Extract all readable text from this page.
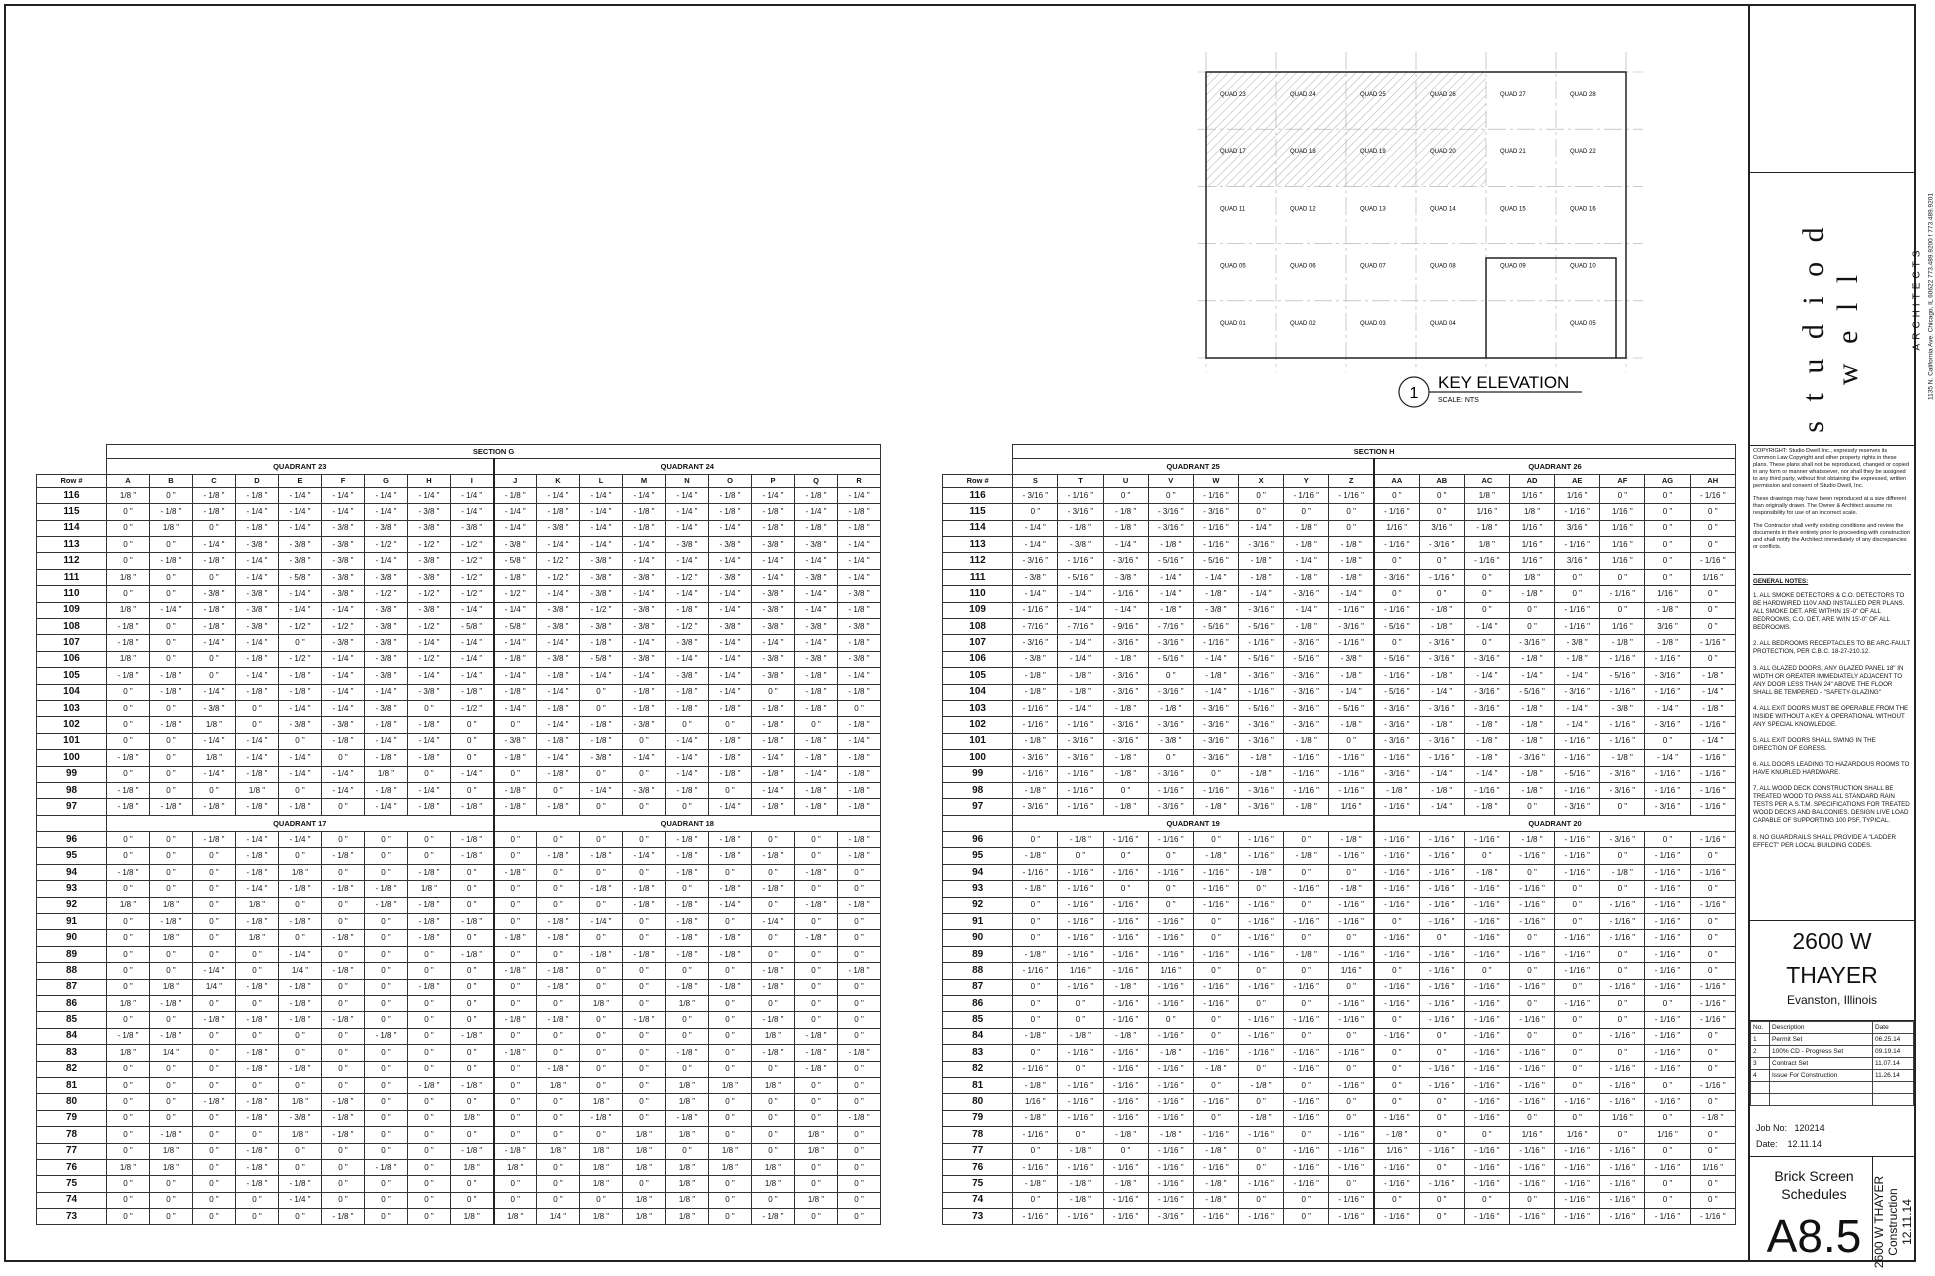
QUAD 23	QUAD 24	QUAD 25	QUAD 26	QUAD 27	QUAD 28
QUAD 17	QUAD 18	QUAD 19	QUAD 20	QUAD 21	QUAD 22
QUAD 11	QUAD 12	QUAD 13	QUAD 14	QUAD 15	QUAD 16
QUAD 05	QUAD 06	QUAD 07	QUAD 08	QUAD 09	QUAD 10
QUAD 01	QUAD 02	QUAD 03	QUAD 04	QUAD 05
1
KEY ELEVATION
SCALE: NTS
	SECTION G																	
	QUADRANT 23									QUADRANT 24								
Row #	A	B	C	D	E	F	G	H	I	J	K	L	M	N	O	P	Q	R
116	1/8 "	0 "	- 1/8 "	- 1/8 "	- 1/4 "	- 1/4 "	- 1/4 "	- 1/4 "	- 1/4 "	- 1/8 "	- 1/4 "	- 1/4 "	- 1/4 "	- 1/4 "	- 1/8 "	- 1/4 "	- 1/8 "	- 1/4 "
115	0 "	- 1/8 "	- 1/8 "	- 1/4 "	- 1/4 "	- 1/4 "	- 1/4 "	- 3/8 "	- 1/4 "	- 1/4 "	- 1/8 "	- 1/4 "	- 1/8 "	- 1/4 "	- 1/8 "	- 1/8 "	- 1/4 "	- 1/8 "
114	0 "	1/8 "	0 "	- 1/8 "	- 1/4 "	- 3/8 "	- 3/8 "	- 3/8 "	- 3/8 "	- 1/4 "	- 3/8 "	- 1/4 "	- 1/8 "	- 1/4 "	- 1/4 "	- 1/8 "	- 1/8 "	- 1/8 "
113	0 "	0 "	- 1/4 "	- 3/8 "	- 3/8 "	- 3/8 "	- 1/2 "	- 1/2 "	- 1/2 "	- 3/8 "	- 1/4 "	- 1/4 "	- 1/4 "	- 3/8 "	- 3/8 "	- 3/8 "	- 3/8 "	- 1/4 "
112	0 "	- 1/8 "	- 1/8 "	- 1/4 "	- 3/8 "	- 3/8 "	- 1/4 "	- 3/8 "	- 1/2 "	- 5/8 "	- 1/2 "	- 3/8 "	- 1/4 "	- 1/4 "	- 1/4 "	- 1/4 "	- 1/4 "	- 1/4 "
111	1/8 "	0 "	0 "	- 1/4 "	- 5/8 "	- 3/8 "	- 3/8 "	- 3/8 "	- 1/2 "	- 1/8 "	- 1/2 "	- 3/8 "	- 3/8 "	- 1/2 "	- 3/8 "	- 1/4 "	- 3/8 "	- 1/4 "
110	0 "	0 "	- 3/8 "	- 3/8 "	- 1/4 "	- 3/8 "	- 1/2 "	- 1/2 "	- 1/2 "	- 1/2 "	- 1/4 "	- 3/8 "	- 1/4 "	- 1/4 "	- 1/4 "	- 3/8 "	- 1/4 "	- 3/8 "
109	1/8 "	- 1/4 "	- 1/8 "	- 3/8 "	- 1/4 "	- 1/4 "	- 3/8 "	- 3/8 "	- 1/4 "	- 1/4 "	- 3/8 "	- 1/2 "	- 3/8 "	- 1/8 "	- 1/4 "	- 3/8 "	- 1/4 "	- 1/8 "
108	- 1/8 "	0 "	- 1/8 "	- 3/8 "	- 1/2 "	- 1/2 "	- 3/8 "	- 1/2 "	- 5/8 "	- 5/8 "	- 3/8 "	- 3/8 "	- 3/8 "	- 1/2 "	- 3/8 "	- 3/8 "	- 3/8 "	- 3/8 "
107	- 1/8 "	0 "	- 1/4 "	- 1/4 "	0 "	- 3/8 "	- 3/8 "	- 1/4 "	- 1/4 "	- 1/4 "	- 1/4 "	- 1/8 "	- 1/4 "	- 3/8 "	- 1/4 "	- 1/4 "	- 1/4 "	- 1/8 "
106	1/8 "	0 "	0 "	- 1/8 "	- 1/2 "	- 1/4 "	- 3/8 "	- 1/2 "	- 1/4 "	- 1/8 "	- 3/8 "	- 5/8 "	- 3/8 "	- 1/4 "	- 1/4 "	- 3/8 "	- 3/8 "	- 3/8 "
105	- 1/8 "	- 1/8 "	0 "	- 1/4 "	- 1/8 "	- 1/4 "	- 3/8 "	- 1/4 "	- 1/4 "	- 1/4 "	- 1/8 "	- 1/4 "	- 1/4 "	- 3/8 "	- 1/4 "	- 3/8 "	- 1/8 "	- 1/4 "
104	0 "	- 1/8 "	- 1/4 "	- 1/8 "	- 1/8 "	- 1/4 "	- 1/4 "	- 3/8 "	- 1/8 "	- 1/8 "	- 1/4 "	0 "	- 1/8 "	- 1/8 "	- 1/4 "	0 "	- 1/8 "	- 1/8 "
103	0 "	0 "	- 3/8 "	0 "	- 1/4 "	- 1/4 "	- 3/8 "	0 "	- 1/2 "	- 1/4 "	- 1/8 "	0 "	- 1/8 "	- 1/8 "	- 1/8 "	- 1/8 "	- 1/8 "	0 "
102	0 "	- 1/8 "	1/8 "	0 "	- 3/8 "	- 3/8 "	- 1/8 "	- 1/8 "	0 "	0 "	- 1/4 "	- 1/8 "	- 3/8 "	0 "	0 "	- 1/8 "	0 "	- 1/8 "
101	0 "	0 "	- 1/4 "	- 1/4 "	0 "	- 1/8 "	- 1/4 "	- 1/4 "	0 "	- 3/8 "	- 1/8 "	- 1/8 "	0 "	- 1/4 "	- 1/8 "	- 1/8 "	- 1/8 "	- 1/4 "
100	- 1/8 "	0 "	1/8 "	- 1/4 "	- 1/4 "	0 "	- 1/8 "	- 1/8 "	0 "	- 1/8 "	- 1/4 "	- 3/8 "	- 1/4 "	- 1/4 "	- 1/8 "	- 1/4 "	- 1/8 "	- 1/8 "
99	0 "	0 "	- 1/4 "	- 1/8 "	- 1/4 "	- 1/4 "	1/8 "	0 "	- 1/4 "	0 "	- 1/8 "	0 "	0 "	- 1/4 "	- 1/8 "	- 1/8 "	- 1/4 "	- 1/8 "
98	- 1/8 "	0 "	0 "	1/8 "	0 "	- 1/4 "	- 1/8 "	- 1/4 "	0 "	- 1/8 "	0 "	- 1/4 "	- 3/8 "	- 1/8 "	0 "	- 1/4 "	- 1/8 "	- 1/8 "
97	- 1/8 "	- 1/8 "	- 1/8 "	- 1/8 "	- 1/8 "	0 "	- 1/4 "	- 1/8 "	- 1/8 "	- 1/8 "	- 1/8 "	0 "	0 "	0 "	- 1/4 "	- 1/8 "	- 1/8 "	- 1/8 "
	QUADRANT 17									QUADRANT 18								
96	0 "	0 "	- 1/8 "	- 1/4 "	- 1/4 "	0 "	0 "	0 "	- 1/8 "	0 "	0 "	0 "	0 "	- 1/8 "	- 1/8 "	0 "	0 "	- 1/8 "
95	0 "	0 "	0 "	- 1/8 "	0 "	- 1/8 "	0 "	0 "	- 1/8 "	0 "	- 1/8 "	- 1/8 "	- 1/4 "	- 1/8 "	- 1/8 "	- 1/8 "	0 "	- 1/8 "
94	- 1/8 "	0 "	0 "	- 1/8 "	1/8 "	0 "	0 "	- 1/8 "	0 "	- 1/8 "	0 "	0 "	0 "	- 1/8 "	0 "	0 "	- 1/8 "	0 "
93	0 "	0 "	0 "	- 1/4 "	- 1/8 "	- 1/8 "	- 1/8 "	1/8 "	0 "	0 "	0 "	- 1/8 "	- 1/8 "	0 "	- 1/8 "	- 1/8 "	0 "	0 "
92	1/8 "	1/8 "	0 "	1/8 "	0 "	0 "	- 1/8 "	- 1/8 "	0 "	0 "	0 "	0 "	- 1/8 "	- 1/8 "	- 1/4 "	0 "	- 1/8 "	- 1/8 "
91	0 "	- 1/8 "	0 "	- 1/8 "	- 1/8 "	0 "	0 "	- 1/8 "	- 1/8 "	0 "	- 1/8 "	- 1/4 "	0 "	- 1/8 "	0 "	- 1/4 "	0 "	0 "
90	0 "	1/8 "	0 "	1/8 "	0 "	- 1/8 "	0 "	- 1/8 "	0 "	- 1/8 "	- 1/8 "	0 "	0 "	- 1/8 "	- 1/8 "	0 "	- 1/8 "	0 "
89	0 "	0 "	0 "	0 "	- 1/4 "	0 "	0 "	0 "	- 1/8 "	0 "	0 "	- 1/8 "	- 1/8 "	- 1/8 "	- 1/8 "	0 "	0 "	0 "
88	0 "	0 "	- 1/4 "	0 "	1/4 "	- 1/8 "	0 "	0 "	0 "	- 1/8 "	- 1/8 "	0 "	0 "	0 "	0 "	- 1/8 "	0 "	- 1/8 "
87	0 "	1/8 "	1/4 "	- 1/8 "	- 1/8 "	0 "	0 "	- 1/8 "	0 "	0 "	- 1/8 "	0 "	0 "	- 1/8 "	- 1/8 "	- 1/8 "	0 "	0 "
86	1/8 "	- 1/8 "	0 "	0 "	- 1/8 "	0 "	0 "	0 "	0 "	0 "	0 "	1/8 "	0 "	1/8 "	0 "	0 "	0 "	0 "
85	0 "	0 "	- 1/8 "	- 1/8 "	- 1/8 "	- 1/8 "	0 "	0 "	0 "	- 1/8 "	- 1/8 "	0 "	- 1/8 "	0 "	0 "	- 1/8 "	0 "	0 "
84	- 1/8 "	- 1/8 "	0 "	0 "	0 "	0 "	- 1/8 "	0 "	- 1/8 "	0 "	0 "	0 "	0 "	0 "	0 "	1/8 "	- 1/8 "	0 "
83	1/8 "	1/4 "	0 "	- 1/8 "	0 "	0 "	0 "	0 "	0 "	- 1/8 "	0 "	0 "	0 "	- 1/8 "	0 "	- 1/8 "	- 1/8 "	- 1/8 "
82	0 "	0 "	0 "	- 1/8 "	- 1/8 "	0 "	0 "	0 "	0 "	0 "	- 1/8 "	0 "	0 "	0 "	0 "	0 "	- 1/8 "	0 "
81	0 "	0 "	0 "	0 "	0 "	0 "	0 "	- 1/8 "	- 1/8 "	0 "	1/8 "	0 "	0 "	1/8 "	1/8 "	1/8 "	0 "	0 "
80	0 "	0 "	- 1/8 "	- 1/8 "	1/8 "	- 1/8 "	0 "	0 "	0 "	0 "	0 "	1/8 "	0 "	1/8 "	0 "	0 "	0 "	0 "
79	0 "	0 "	0 "	- 1/8 "	- 3/8 "	- 1/8 "	0 "	0 "	1/8 "	0 "	0 "	- 1/8 "	0 "	- 1/8 "	0 "	0 "	0 "	- 1/8 "
78	0 "	- 1/8 "	0 "	0 "	1/8 "	- 1/8 "	0 "	0 "	0 "	0 "	0 "	0 "	1/8 "	1/8 "	0 "	0 "	1/8 "	0 "
77	0 "	1/8 "	0 "	- 1/8 "	0 "	0 "	0 "	0 "	- 1/8 "	- 1/8 "	1/8 "	1/8 "	1/8 "	0 "	1/8 "	0 "	1/8 "	0 "
76	1/8 "	1/8 "	0 "	- 1/8 "	0 "	0 "	- 1/8 "	0 "	1/8 "	1/8 "	0 "	1/8 "	1/8 "	1/8 "	1/8 "	1/8 "	0 "	0 "
75	0 "	0 "	0 "	- 1/8 "	- 1/8 "	0 "	0 "	0 "	0 "	0 "	0 "	1/8 "	0 "	1/8 "	0 "	1/8 "	0 "	0 "
74	0 "	0 "	0 "	0 "	- 1/4 "	0 "	0 "	0 "	0 "	0 "	0 "	0 "	1/8 "	1/8 "	0 "	0 "	1/8 "	0 "
73	0 "	0 "	0 "	0 "	0 "	- 1/8 "	0 "	0 "	1/8 "	1/8 "	1/4 "	1/8 "	1/8 "	1/8 "	0 "	- 1/8 "	0 "	0 "
	SECTION H															
	QUADRANT 25								QUADRANT 26							
Row #	S	T	U	V	W	X	Y	Z	AA	AB	AC	AD	AE	AF	AG	AH
116	- 3/16 "	- 1/16 "	0 "	0 "	- 1/16 "	0 "	- 1/16 "	- 1/16 "	0 "	0 "	1/8 "	1/16 "	1/16 "	0 "	0 "	- 1/16 "
115	0 "	- 3/16 "	- 1/8 "	- 3/16 "	- 3/16 "	0 "	0 "	0 "	- 1/16 "	0 "	1/16 "	1/8 "	- 1/16 "	1/16 "	0 "	0 "
114	- 1/4 "	- 1/8 "	- 1/8 "	- 3/16 "	- 1/16 "	- 1/4 "	- 1/8 "	0 "	1/16 "	3/16 "	- 1/8 "	1/16 "	3/16 "	1/16 "	0 "	0 "
113	- 1/4 "	- 3/8 "	- 1/4 "	- 1/8 "	- 1/16 "	- 3/16 "	- 1/8 "	- 1/8 "	- 1/16 "	- 3/16 "	1/8 "	1/16 "	- 1/16 "	1/16 "	0 "	0 "
112	- 3/16 "	- 1/16 "	- 3/16 "	- 5/16 "	- 5/16 "	- 1/8 "	- 1/4 "	- 1/8 "	0 "	0 "	- 1/16 "	1/16 "	3/16 "	1/16 "	0 "	- 1/16 "
111	- 3/8 "	- 5/16 "	- 3/8 "	- 1/4 "	- 1/4 "	- 1/8 "	- 1/8 "	- 1/8 "	- 3/16 "	- 1/16 "	0 "	1/8 "	0 "	0 "	0 "	1/16 "
110	- 1/4 "	- 1/4 "	- 1/16 "	- 1/4 "	- 1/8 "	- 1/4 "	- 3/16 "	- 1/4 "	0 "	0 "	0 "	- 1/8 "	0 "	- 1/16 "	1/16 "	0 "
109	- 1/16 "	- 1/4 "	- 1/4 "	- 1/8 "	- 3/8 "	- 3/16 "	- 1/4 "	- 1/16 "	- 1/16 "	- 1/8 "	0 "	0 "	- 1/16 "	0 "	- 1/8 "	0 "
108	- 7/16 "	- 7/16 "	- 9/16 "	- 7/16 "	- 5/16 "	- 5/16 "	- 1/8 "	- 3/16 "	- 5/16 "	- 1/8 "	- 1/4 "	0 "	- 1/16 "	1/16 "	3/16 "	0 "
107	- 3/16 "	- 1/4 "	- 3/16 "	- 3/16 "	- 1/16 "	- 1/16 "	- 3/16 "	- 1/16 "	0 "	- 3/16 "	0 "	- 3/16 "	- 3/8 "	- 1/8 "	- 1/8 "	- 1/16 "
106	- 3/8 "	- 1/4 "	- 1/8 "	- 5/16 "	- 1/4 "	- 5/16 "	- 5/16 "	- 3/8 "	- 5/16 "	- 3/16 "	- 3/16 "	- 1/8 "	- 1/8 "	- 1/16 "	- 1/16 "	0 "
105	- 1/8 "	- 1/8 "	- 3/16 "	0 "	- 1/8 "	- 3/16 "	- 3/16 "	- 1/8 "	- 1/16 "	- 1/8 "	- 1/4 "	- 1/4 "	- 1/4 "	- 5/16 "	- 3/16 "	- 1/8 "
104	- 1/8 "	- 1/8 "	- 3/16 "	- 3/16 "	- 1/4 "	- 1/16 "	- 3/16 "	- 1/4 "	- 5/16 "	- 1/4 "	- 3/16 "	- 5/16 "	- 3/16 "	- 1/16 "	- 1/16 "	- 1/4 "
103	- 1/16 "	- 1/4 "	- 1/8 "	- 1/8 "	- 3/16 "	- 5/16 "	- 3/16 "	- 5/16 "	- 3/16 "	- 3/16 "	- 3/16 "	- 1/8 "	- 1/4 "	- 3/8 "	- 1/4 "	- 1/8 "
102	- 1/16 "	- 1/16 "	- 3/16 "	- 3/16 "	- 3/16 "	- 3/16 "	- 3/16 "	- 1/8 "	- 3/16 "	- 1/8 "	- 1/8 "	- 1/8 "	- 1/4 "	- 1/16 "	- 3/16 "	- 1/16 "
101	- 1/8 "	- 3/16 "	- 3/16 "	- 3/8 "	- 3/16 "	- 3/16 "	- 1/8 "	0 "	- 3/16 "	- 3/16 "	- 1/8 "	- 1/8 "	- 1/16 "	- 1/16 "	0 "	- 1/4 "
100	- 3/16 "	- 3/16 "	- 1/8 "	0 "	- 3/16 "	- 1/8 "	- 1/16 "	- 1/16 "	- 1/16 "	- 1/16 "	- 1/8 "	- 3/16 "	- 1/16 "	- 1/8 "	- 1/4 "	- 1/16 "
99	- 1/16 "	- 1/16 "	- 1/8 "	- 3/16 "	0 "	- 1/8 "	- 1/16 "	- 1/16 "	- 3/16 "	- 1/4 "	- 1/4 "	- 1/8 "	- 5/16 "	- 3/16 "	- 1/16 "	- 1/16 "
98	- 1/8 "	- 1/16 "	0 "	- 1/16 "	- 1/16 "	- 3/16 "	- 1/16 "	- 1/16 "	- 1/8 "	- 1/8 "	- 1/16 "	- 1/8 "	- 1/16 "	- 3/16 "	- 1/16 "	- 1/16 "
97	- 3/16 "	- 1/16 "	- 1/8 "	- 3/16 "	- 1/8 "	- 3/16 "	- 1/8 "	1/16 "	- 1/16 "	- 1/4 "	- 1/8 "	0 "	- 3/16 "	0 "	- 3/16 "	- 1/16 "
	QUADRANT 19								QUADRANT 20							
96	0 "	- 1/8 "	- 1/16 "	- 1/16 "	0 "	- 1/16 "	0 "	- 1/8 "	- 1/16 "	- 1/16 "	- 1/16 "	- 1/8 "	- 1/16 "	- 3/16 "	0 "	- 1/16 "
95	- 1/8 "	0 "	0 "	0 "	- 1/8 "	- 1/16 "	- 1/8 "	- 1/16 "	- 1/16 "	- 1/16 "	0 "	- 1/16 "	- 1/16 "	0 "	- 1/16 "	0 "
94	- 1/16 "	- 1/16 "	- 1/16 "	- 1/16 "	- 1/16 "	- 1/8 "	0 "	0 "	- 1/16 "	- 1/16 "	- 1/8 "	0 "	- 1/16 "	- 1/8 "	- 1/16 "	- 1/16 "
93	- 1/8 "	- 1/16 "	0 "	0 "	- 1/16 "	0 "	- 1/16 "	- 1/8 "	- 1/16 "	- 1/16 "	- 1/16 "	- 1/16 "	0 "	0 "	- 1/16 "	0 "
92	0 "	- 1/16 "	- 1/16 "	0 "	- 1/16 "	- 1/16 "	0 "	- 1/16 "	- 1/16 "	- 1/16 "	- 1/16 "	- 1/16 "	0 "	- 1/16 "	- 1/16 "	- 1/16 "
91	0 "	- 1/16 "	- 1/16 "	- 1/16 "	0 "	- 1/16 "	- 1/16 "	- 1/16 "	0 "	- 1/16 "	- 1/16 "	- 1/16 "	0 "	- 1/16 "	- 1/16 "	0 "
90	0 "	- 1/16 "	- 1/16 "	- 1/16 "	0 "	- 1/16 "	0 "	0 "	- 1/16 "	0 "	- 1/16 "	0 "	- 1/16 "	- 1/16 "	- 1/16 "	0 "
89	- 1/8 "	- 1/16 "	- 1/16 "	- 1/16 "	- 1/16 "	- 1/16 "	- 1/8 "	- 1/16 "	- 1/16 "	- 1/16 "	- 1/16 "	- 1/16 "	- 1/16 "	0 "	- 1/16 "	0 "
88	- 1/16 "	1/16 "	- 1/16 "	1/16 "	0 "	0 "	0 "	1/16 "	0 "	- 1/16 "	0 "	0 "	- 1/16 "	0 "	- 1/16 "	0 "
87	0 "	- 1/16 "	- 1/8 "	- 1/16 "	- 1/16 "	- 1/16 "	- 1/16 "	0 "	- 1/16 "	- 1/16 "	- 1/16 "	- 1/16 "	0 "	- 1/16 "	- 1/16 "	- 1/16 "
86	0 "	0 "	- 1/16 "	- 1/16 "	- 1/16 "	0 "	0 "	- 1/16 "	- 1/16 "	- 1/16 "	- 1/16 "	0 "	- 1/16 "	0 "	0 "	- 1/16 "
85	0 "	0 "	- 1/16 "	0 "	0 "	- 1/16 "	- 1/16 "	- 1/16 "	0 "	- 1/16 "	- 1/16 "	- 1/16 "	0 "	0 "	- 1/16 "	- 1/16 "
84	- 1/8 "	- 1/8 "	- 1/8 "	- 1/16 "	0 "	- 1/16 "	0 "	0 "	- 1/16 "	0 "	- 1/16 "	0 "	0 "	- 1/16 "	- 1/16 "	0 "
83	0 "	- 1/16 "	- 1/16 "	- 1/8 "	- 1/16 "	- 1/16 "	- 1/16 "	- 1/16 "	0 "	0 "	- 1/16 "	- 1/16 "	0 "	0 "	- 1/16 "	0 "
82	- 1/16 "	0 "	- 1/16 "	- 1/16 "	- 1/8 "	0 "	- 1/16 "	0 "	0 "	- 1/16 "	- 1/16 "	- 1/16 "	0 "	- 1/16 "	- 1/16 "	0 "
81	- 1/8 "	- 1/16 "	- 1/16 "	- 1/16 "	0 "	- 1/8 "	0 "	- 1/16 "	0 "	- 1/16 "	- 1/16 "	- 1/16 "	0 "	- 1/16 "	0 "	- 1/16 "
80	1/16 "	- 1/16 "	- 1/16 "	- 1/16 "	- 1/16 "	0 "	- 1/16 "	0 "	0 "	0 "	- 1/16 "	- 1/16 "	- 1/16 "	- 1/16 "	- 1/16 "	0 "
79	- 1/8 "	- 1/16 "	- 1/16 "	- 1/16 "	0 "	- 1/8 "	- 1/16 "	0 "	- 1/16 "	0 "	- 1/16 "	0 "	0 "	1/16 "	0 "	- 1/8 "
78	- 1/16 "	0 "	- 1/8 "	- 1/8 "	- 1/16 "	- 1/16 "	0 "	- 1/16 "	- 1/8 "	0 "	0 "	1/16 "	1/16 "	0 "	1/16 "	0 "
77	0 "	- 1/8 "	0 "	- 1/16 "	- 1/8 "	0 "	- 1/16 "	- 1/16 "	1/16 "	- 1/16 "	- 1/16 "	- 1/16 "	- 1/16 "	- 1/16 "	0 "	0 "
76	- 1/16 "	- 1/16 "	- 1/16 "	- 1/16 "	- 1/16 "	0 "	- 1/16 "	- 1/16 "	- 1/16 "	0 "	- 1/16 "	- 1/16 "	- 1/16 "	- 1/16 "	- 1/16 "	1/16 "
75	- 1/8 "	- 1/8 "	- 1/8 "	- 1/16 "	- 1/8 "	- 1/16 "	- 1/16 "	0 "	- 1/16 "	- 1/16 "	- 1/16 "	- 1/16 "	- 1/16 "	- 1/16 "	0 "	0 "
74	0 "	- 1/8 "	- 1/16 "	- 1/16 "	- 1/8 "	0 "	0 "	- 1/16 "	0 "	0 "	0 "	0 "	- 1/16 "	- 1/16 "	0 "	0 "
73	- 1/16 "	- 1/16 "	- 1/16 "	- 3/16 "	- 1/16 "	- 1/16 "	0 "	- 1/16 "	- 1/16 "	0 "	- 1/16 "	- 1/16 "	- 1/16 "	- 1/16 "	- 1/16 "	- 1/16 "
s t u d i o d w e l l	ARCHITECTS 1135 N. California Ave. Chicago, IL 60622 773.489.9200 f 773.489.9201

COPYRIGHT: Studio Dwell Inc., expressly reserves its Common Law Copyright and other property rights in these plans. These plans shall not be reproduced, changed or copied in any form or manner whatsoever, nor shall they be assigned to any third party, without first obtaining the expressed, written permission and consent of Studio Dwell, Inc.

These drawings may have been reproduced at a size different than originally drawn. The Owner & Architect assume no responsibility for use of an incorrect scale.

The Contractor shall verify existing conditions and review the documents in their entirety prior to proceeding with construction and shall notify the Architect immediately of any discrepancies or conflicts.

GENERAL NOTES:

1. ALL SMOKE DETECTORS & C.O. DETECTORS TO BE HARDWIRED 110V AND INSTALLED PER PLANS. ALL SMOKE DET. ARE WITHIN 15'-0" OF ALL BEDROOMS, C.O. DET. ARE W/IN 15'-0" OF ALL BEDROOMS.

2. ALL BEDROOMS RECEPTACLES TO BE ARC-FAULT PROTECTION, PER C.B.C. 18-27-210.12.

3. ALL GLAZED DOORS, ANY GLAZED PANEL 18" IN WIDTH OR GREATER IMMEDIATELY ADJACENT TO ANY DOOR LESS THAN 24" ABOVE THE FLOOR SHALL BE TEMPERED - "SAFETY-GLAZING"

4. ALL EXIT DOORS MUST BE OPERABLE FROM THE INSIDE WITHOUT A KEY & OPERATIONAL WITHOUT ANY SPECIAL KNOWLEDGE.

5. ALL EXIT DOORS SHALL SWING IN THE DIRECTION OF EGRESS.

6. ALL DOORS LEADING TO HAZARDOUS ROOMS TO HAVE KNURLED HARDWARE.

7. ALL WOOD DECK CONSTRUCTION SHALL BE TREATED WOOD TO PASS ALL STANDARD RAIN TESTS PER A.S.T.M. SPECIFICATIONS FOR TREATED WOOD DECKS AND BALCONIES. DESIGN LIVE LOAD CAPABLE OF SUPPORTING 100 PSF, TYPICAL.

8. NO GUARDRAILS SHALL PROVIDE A "LADDER EFFECT" PER LOCAL BUILDING CODES.

2600 W
THAYER
Evanston, Illinois
No.	Description	Date
1	Permit Set	06.25.14
2	100% CD - Progress Set	09.19.14
3	Contract Set	11.07.14
4	Issue For Construction	11.26.14

Job No: 120214
Date: 12.11.14
Brick Screen
Schedules
A8.5 2600 W THAYER
Construction 12.11.14
